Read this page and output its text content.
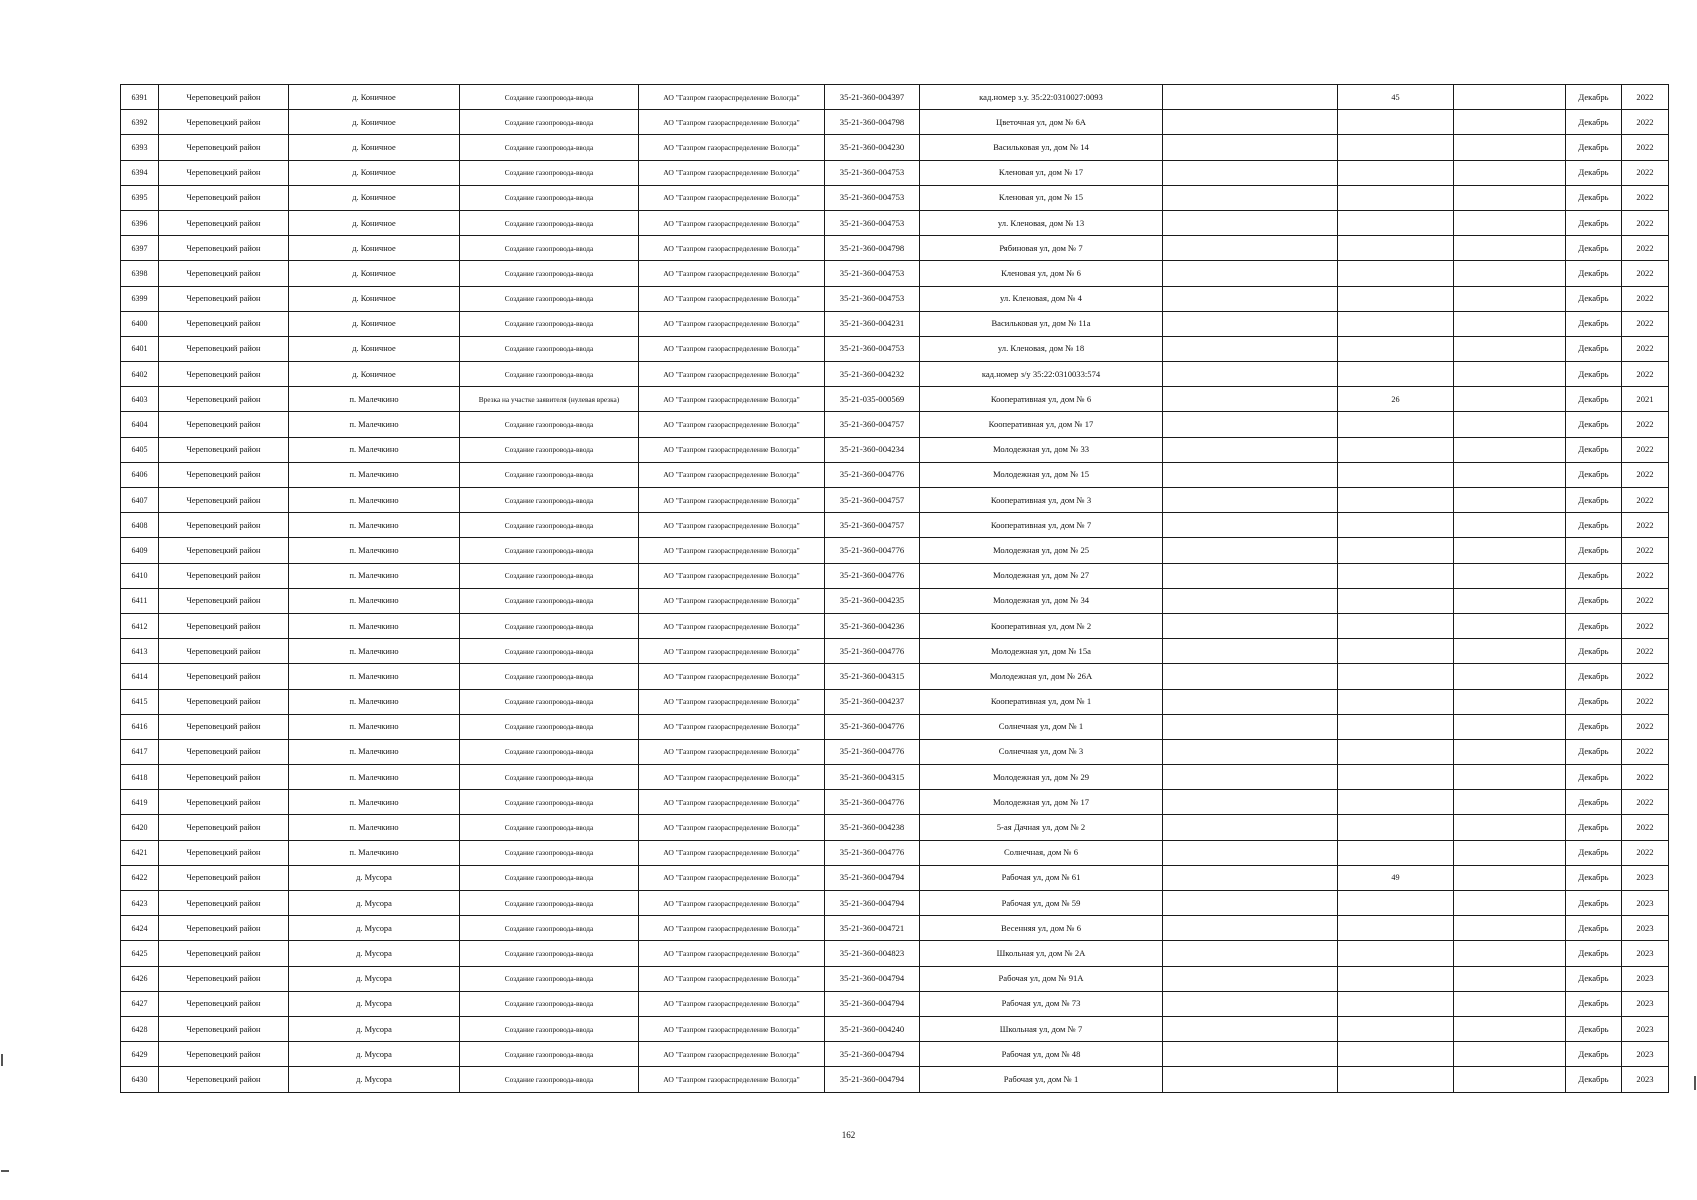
6391	Череповецкий район	д. Коничное	Создание газопровода-ввода	АО "Газпром газораспределение Вологда"	35-21-360-004397	кад.номер з.у. 35:22:0310027:0093		45		Декабрь	2022
6392	Череповецкий район	д. Коничное	Создание газопровода-ввода	АО "Газпром газораспределение Вологда"	35-21-360-004798	Цветочная ул, дом № 6А				Декабрь	2022
6393	Череповецкий район	д. Коничное	Создание газопровода-ввода	АО "Газпром газораспределение Вологда"	35-21-360-004230	Васильковая ул, дом № 14				Декабрь	2022
6394	Череповецкий район	д. Коничное	Создание газопровода-ввода	АО "Газпром газораспределение Вологда"	35-21-360-004753	Кленовая ул, дом № 17				Декабрь	2022
6395	Череповецкий район	д. Коничное	Создание газопровода-ввода	АО "Газпром газораспределение Вологда"	35-21-360-004753	Кленовая ул, дом № 15				Декабрь	2022
6396	Череповецкий район	д. Коничное	Создание газопровода-ввода	АО "Газпром газораспределение Вологда"	35-21-360-004753	ул. Кленовая, дом № 13				Декабрь	2022
6397	Череповецкий район	д. Коничное	Создание газопровода-ввода	АО "Газпром газораспределение Вологда"	35-21-360-004798	Рябиновая ул, дом № 7				Декабрь	2022
6398	Череповецкий район	д. Коничное	Создание газопровода-ввода	АО "Газпром газораспределение Вологда"	35-21-360-004753	Кленовая ул, дом № 6				Декабрь	2022
6399	Череповецкий район	д. Коничное	Создание газопровода-ввода	АО "Газпром газораспределение Вологда"	35-21-360-004753	ул. Кленовая, дом № 4				Декабрь	2022
6400	Череповецкий район	д. Коничное	Создание газопровода-ввода	АО "Газпром газораспределение Вологда"	35-21-360-004231	Васильковая ул, дом № 11а				Декабрь	2022
6401	Череповецкий район	д. Коничное	Создание газопровода-ввода	АО "Газпром газораспределение Вологда"	35-21-360-004753	ул. Кленовая, дом № 18				Декабрь	2022
6402	Череповецкий район	д. Коничное	Создание газопровода-ввода	АО "Газпром газораспределение Вологда"	35-21-360-004232	кад.номер з/у 35:22:0310033:574				Декабрь	2022
6403	Череповецкий район	п. Малечкино	Врезка на участке заявителя (нулевая врезка)	АО "Газпром газораспределение Вологда"	35-21-035-000569	Кооперативная ул, дом № 6		26		Декабрь	2021
6404	Череповецкий район	п. Малечкино	Создание газопровода-ввода	АО "Газпром газораспределение Вологда"	35-21-360-004757	Кооперативная ул, дом № 17				Декабрь	2022
6405	Череповецкий район	п. Малечкино	Создание газопровода-ввода	АО "Газпром газораспределение Вологда"	35-21-360-004234	Молодежная ул, дом № 33				Декабрь	2022
6406	Череповецкий район	п. Малечкино	Создание газопровода-ввода	АО "Газпром газораспределение Вологда"	35-21-360-004776	Молодежная ул, дом № 15				Декабрь	2022
6407	Череповецкий район	п. Малечкино	Создание газопровода-ввода	АО "Газпром газораспределение Вологда"	35-21-360-004757	Кооперативная ул, дом № 3				Декабрь	2022
6408	Череповецкий район	п. Малечкино	Создание газопровода-ввода	АО "Газпром газораспределение Вологда"	35-21-360-004757	Кооперативная ул, дом № 7				Декабрь	2022
6409	Череповецкий район	п. Малечкино	Создание газопровода-ввода	АО "Газпром газораспределение Вологда"	35-21-360-004776	Молодежная ул, дом № 25				Декабрь	2022
6410	Череповецкий район	п. Малечкино	Создание газопровода-ввода	АО "Газпром газораспределение Вологда"	35-21-360-004776	Молодежная ул, дом № 27				Декабрь	2022
6411	Череповецкий район	п. Малечкино	Создание газопровода-ввода	АО "Газпром газораспределение Вологда"	35-21-360-004235	Молодежная ул, дом № 34				Декабрь	2022
6412	Череповецкий район	п. Малечкино	Создание газопровода-ввода	АО "Газпром газораспределение Вологда"	35-21-360-004236	Кооперативная ул, дом № 2				Декабрь	2022
6413	Череповецкий район	п. Малечкино	Создание газопровода-ввода	АО "Газпром газораспределение Вологда"	35-21-360-004776	Молодежная ул, дом № 15а				Декабрь	2022
6414	Череповецкий район	п. Малечкино	Создание газопровода-ввода	АО "Газпром газораспределение Вологда"	35-21-360-004315	Молодежная ул, дом № 26А				Декабрь	2022
6415	Череповецкий район	п. Малечкино	Создание газопровода-ввода	АО "Газпром газораспределение Вологда"	35-21-360-004237	Кооперативная ул, дом № 1				Декабрь	2022
6416	Череповецкий район	п. Малечкино	Создание газопровода-ввода	АО "Газпром газораспределение Вологда"	35-21-360-004776	Солнечная ул, дом № 1				Декабрь	2022
6417	Череповецкий район	п. Малечкино	Создание газопровода-ввода	АО "Газпром газораспределение Вологда"	35-21-360-004776	Солнечная ул, дом № 3				Декабрь	2022
6418	Череповецкий район	п. Малечкино	Создание газопровода-ввода	АО "Газпром газораспределение Вологда"	35-21-360-004315	Молодежная ул, дом № 29				Декабрь	2022
6419	Череповецкий район	п. Малечкино	Создание газопровода-ввода	АО "Газпром газораспределение Вологда"	35-21-360-004776	Молодежная ул, дом № 17				Декабрь	2022
6420	Череповецкий район	п. Малечкино	Создание газопровода-ввода	АО "Газпром газораспределение Вологда"	35-21-360-004238	5-ая Дачная ул, дом № 2				Декабрь	2022
6421	Череповецкий район	п. Малечкино	Создание газопровода-ввода	АО "Газпром газораспределение Вологда"	35-21-360-004776	Солнечная, дом № 6				Декабрь	2022
6422	Череповецкий район	д. Мусора	Создание газопровода-ввода	АО "Газпром газораспределение Вологда"	35-21-360-004794	Рабочая ул, дом № 61		49		Декабрь	2023
6423	Череповецкий район	д. Мусора	Создание газопровода-ввода	АО "Газпром газораспределение Вологда"	35-21-360-004794	Рабочая ул, дом № 59				Декабрь	2023
6424	Череповецкий район	д. Мусора	Создание газопровода-ввода	АО "Газпром газораспределение Вологда"	35-21-360-004721	Весенняя ул, дом № 6				Декабрь	2023
6425	Череповецкий район	д. Мусора	Создание газопровода-ввода	АО "Газпром газораспределение Вологда"	35-21-360-004823	Школьная ул, дом № 2А				Декабрь	2023
6426	Череповецкий район	д. Мусора	Создание газопровода-ввода	АО "Газпром газораспределение Вологда"	35-21-360-004794	Рабочая ул, дом № 91А				Декабрь	2023
6427	Череповецкий район	д. Мусора	Создание газопровода-ввода	АО "Газпром газораспределение Вологда"	35-21-360-004794	Рабочая ул, дом № 73				Декабрь	2023
6428	Череповецкий район	д. Мусора	Создание газопровода-ввода	АО "Газпром газораспределение Вологда"	35-21-360-004240	Школьная ул, дом № 7				Декабрь	2023
6429	Череповецкий район	д. Мусора	Создание газопровода-ввода	АО "Газпром газораспределение Вологда"	35-21-360-004794	Рабочая ул, дом № 48				Декабрь	2023
6430	Череповецкий район	д. Мусора	Создание газопровода-ввода	АО "Газпром газораспределение Вологда"	35-21-360-004794	Рабочая ул, дом № 1				Декабрь	2023
162
